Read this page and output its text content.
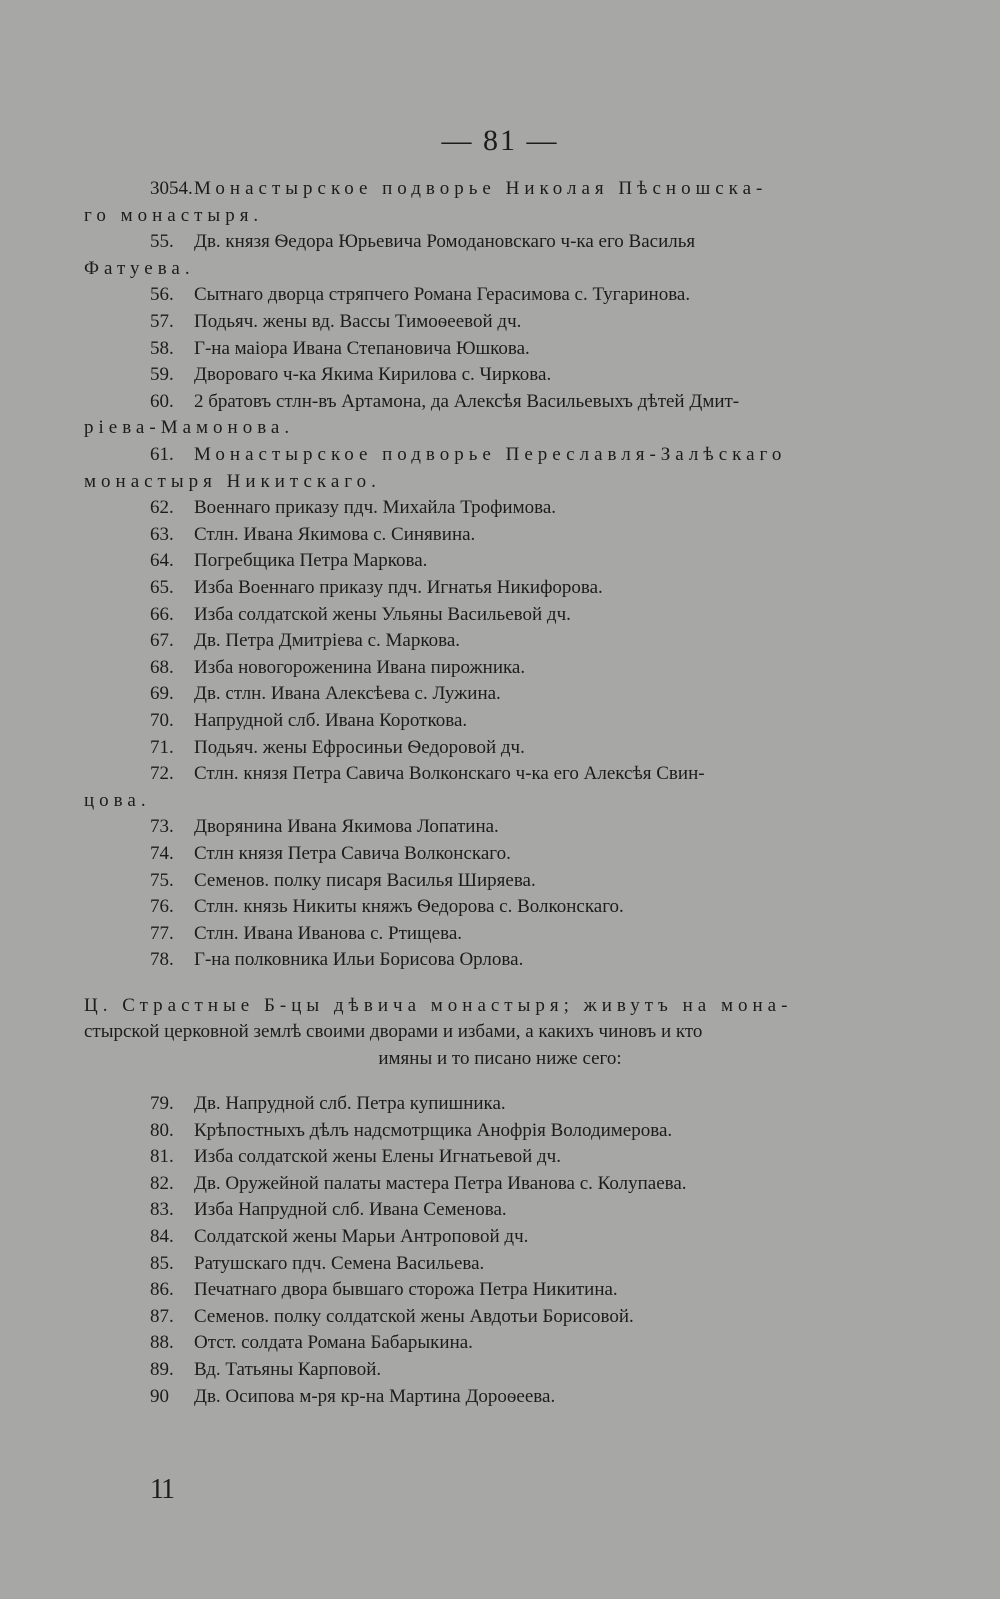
— 81 —
3054.Монастырское подворье Николая Пѣсношска-
го монастыря.
55. Дв. князя Ѳедора Юрьевича Ромодановскаго ч-ка его Василья
Фатуева.
56. Сытнаго дворца стряпчего Романа Герасимова с. Тугаринова.
57. Подьяч. жены вд. Вассы Тимоѳеевой дч.
58. Г-на маіора Ивана Степановича Юшкова.
59. Двороваго ч-ка Якима Кирилова с. Чиркова.
60. 2 братовъ стлн-въ Артамона, да Алексѣя Васильевыхъ дѣтей Дмит-
ріева-Мамонова.
61. Монастырское подворье Переславля-Залѣскаго
монастыря Никитскаго.
62. Военнаго приказу пдч. Михайла Трофимова.
63. Стлн. Ивана Якимова с. Синявина.
64. Погребщика Петра Маркова.
65. Изба Военнаго приказу пдч. Игнатья Никифорова.
66. Изба солдатской жены Ульяны Васильевой дч.
67. Дв. Петра Дмитріева с. Маркова.
68. Изба новогороженина Ивана пирожника.
69. Дв. стлн. Ивана Алексѣева с. Лужина.
70. Напрудной слб. Ивана Короткова.
71. Подьяч. жены Ефросиньи Ѳедоровой дч.
72. Стлн. князя Петра Савича Волконскаго ч-ка его Алексѣя Свин-
цова.
73. Дворянина Ивана Якимова Лопатина.
74. Стлн князя Петра Савича Волконскаго.
75. Семенов. полку писаря Василья Ширяева.
76. Стлн. князь Никиты княжъ Ѳедорова с. Волконскаго.
77. Стлн. Ивана Иванова с. Ртищева.
78. Г-на полковника Ильи Борисова Орлова.
Ц. Страстные Б-цы дѣвича монастыря; живутъ на мона-
стырской церковной землѣ своими дворами и избами, а какихъ чиновъ и кто
имяны и то писано ниже сего:
79. Дв. Напрудной слб. Петра купишника.
80. Крѣпостныхъ дѣлъ надсмотрщика Анофрія Володимерова.
81. Изба солдатской жены Елены Игнатьевой дч.
82. Дв. Оружейной палаты мастера Петра Иванова с. Колупаева.
83. Изба Напрудной слб. Ивана Семенова.
84. Солдатской жены Марьи Антроповой дч.
85. Ратушскаго пдч. Семена Васильева.
86. Печатнаго двора бывшаго сторожа Петра Никитина.
87. Семенов. полку солдатской жены Авдотьи Борисовой.
88. Отст. солдата Романа Бабарыкина.
89. Вд. Татьяны Карповой.
90 Дв. Осипова м-ря кр-на Мартина Дороѳеева.
11
